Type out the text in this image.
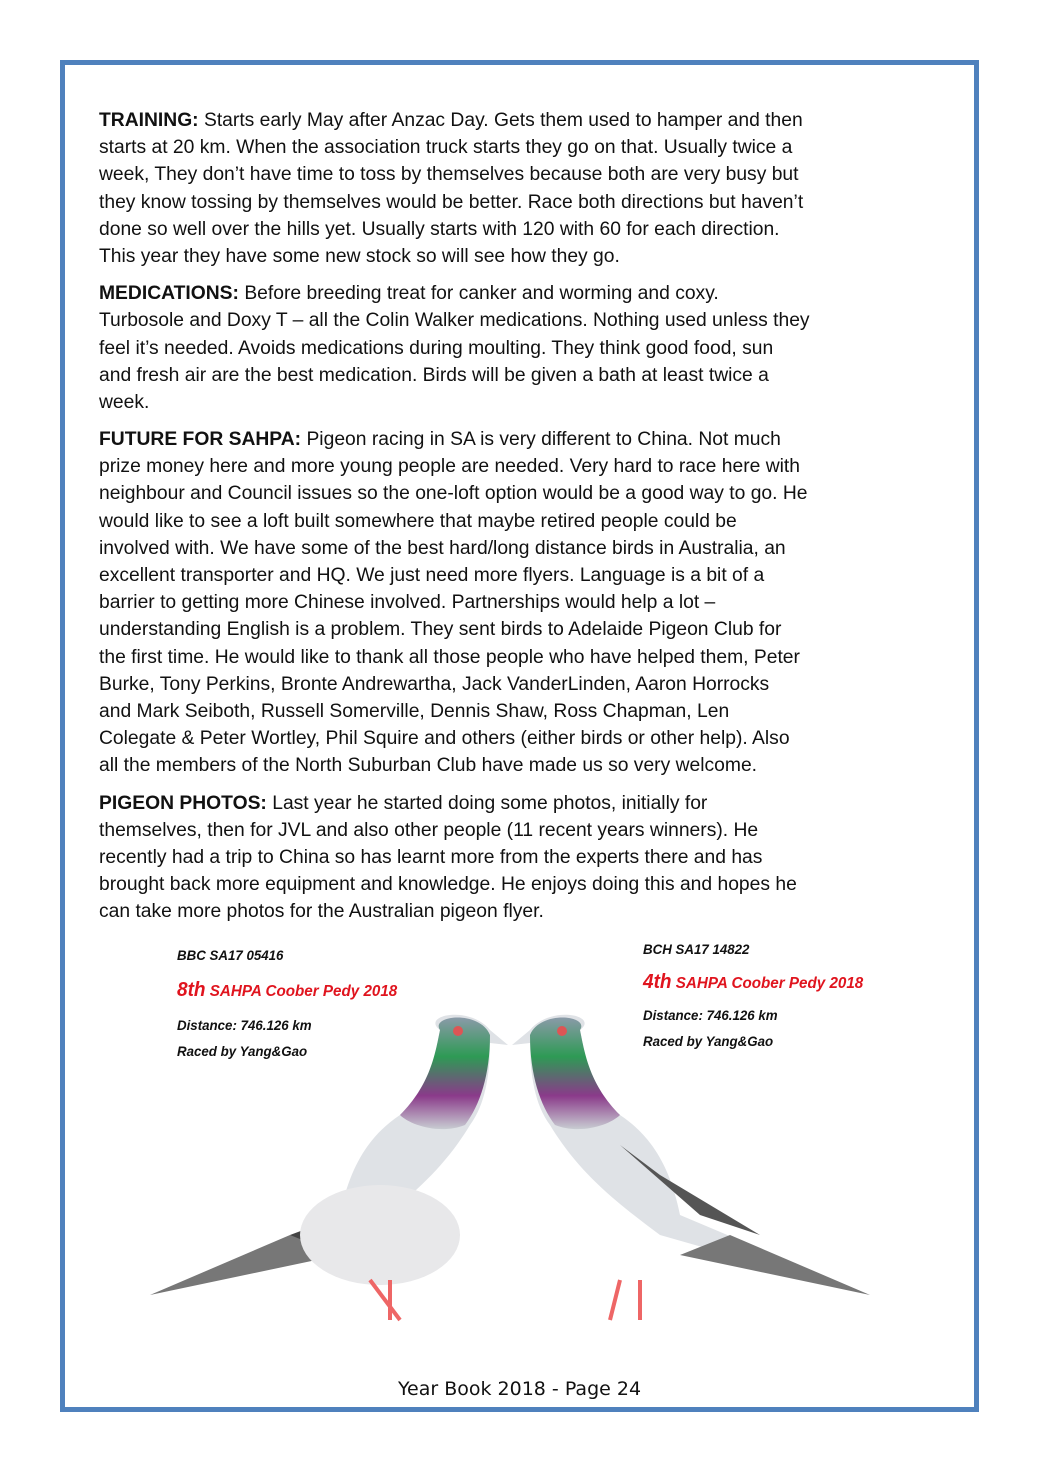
TRAINING: Starts early May after Anzac Day. Gets them used to hamper and then
starts at 20 km. When the association truck starts they go on that. Usually twice a
week, They don’t have time to toss by themselves because both are very busy but
they know tossing by themselves would be better. Race both directions but haven’t
done so well over the hills yet. Usually starts with 120 with 60 for each direction.
This year they have some new stock so will see how they go.
MEDICATIONS: Before breeding treat for canker and worming and coxy.
Turbosole and Doxy T – all the Colin Walker medications. Nothing used unless they
feel it’s needed. Avoids medications during moulting. They think good food, sun
and fresh air are the best medication. Birds will be given a bath at least twice a
week.
FUTURE FOR SAHPA: Pigeon racing in SA is very different to China. Not much
prize money here and more young people are needed. Very hard to race here with
neighbour and Council issues so the one-loft option would be a good way to go. He
would like to see a loft built somewhere that maybe retired people could be
involved with. We have some of the best hard/long distance birds in Australia, an
excellent transporter and HQ. We just need more flyers. Language is a bit of a
barrier to getting more Chinese involved. Partnerships would help a lot –
understanding English is a problem. They sent birds to Adelaide Pigeon Club for
the first time. He would like to thank all those people who have helped them, Peter
Burke, Tony Perkins, Bronte Andrewartha, Jack VanderLinden, Aaron Horrocks
and Mark Seiboth, Russell Somerville, Dennis Shaw, Ross Chapman, Len
Colegate & Peter Wortley, Phil Squire and others (either birds or other help). Also
all the members of the North Suburban Club have made us so very welcome.
PIGEON PHOTOS: Last year he started doing some photos, initially for
themselves, then for JVL and also other people (11 recent years winners). He
recently had a trip to China so has learnt more from the experts there and has
brought back more equipment and knowledge. He enjoys doing this and hopes he
can take more photos for the Australian pigeon flyer.
BBC SA17 05416
8th SAHPA Coober Pedy 2018
Distance: 746.126 km
Raced by Yang&Gao
BCH SA17 14822
4th SAHPA Coober Pedy 2018
Distance: 746.126 km
Raced by Yang&Gao
Year Book 2018 - Page 24
